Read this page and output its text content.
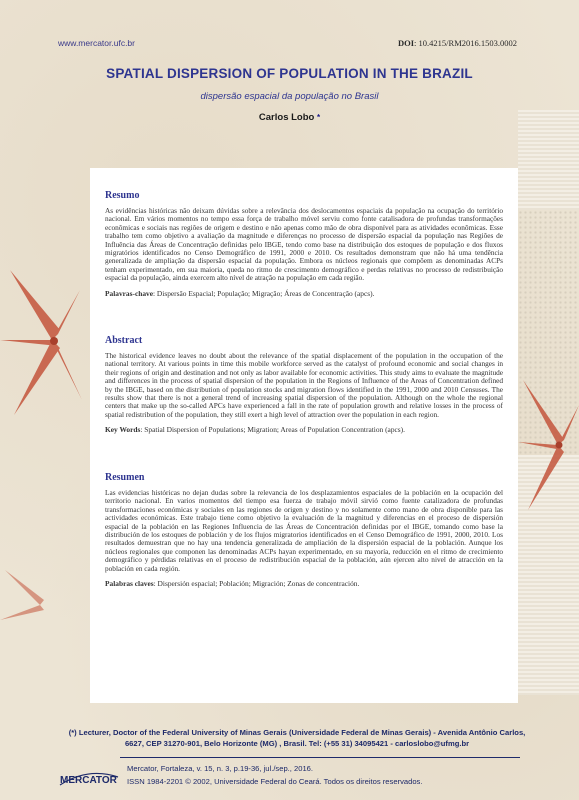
www.mercator.ufc.br	DOI: 10.4215/RM2016.1503.0002
SPATIAL DISPERSION OF POPULATION IN THE BRAZIL
dispersão espacial da população no Brasil
Carlos Lobo *
Resumo

As evidências históricas não deixam dúvidas sobre a relevância dos deslocamentos espaciais da população na ocupação do território nacional. Em vários momentos no tempo essa força de trabalho móvel serviu como fonte catalisadora de profundas transformações econômicas e sociais nas regiões de origem e destino e não apenas como mão de obra disponível para as atividades econômicas. Esse trabalho tem como objetivo a avaliação da magnitude e diferenças no processo de dispersão espacial da população nas Regiões de Influência das Áreas de Concentração definidas pelo IBGE, tendo como base na distribuição dos estoques de população e dos fluxos migratórios identificados no Censo Demográfico de 1991, 2000 e 2010. Os resultados demonstram que não há uma tendência generalizada de ampliação da dispersão espacial da população. Embora os núcleos regionais que compõem as denominadas ACPs tenham experimentado, em sua maioria, queda no ritmo de crescimento demográfico e perdas relativas no processo de redistribuição espacial da população, ainda exercem alto nível de atração na população em cada região.

Palavras-chave: Dispersão Espacial; População; Migração; Áreas de Concentração (apcs).

Abstract

The historical evidence leaves no doubt about the relevance of the spatial displacement of the population in the occupation of the national territory. At various points in time this mobile workforce served as the catalyst of profound economic and social changes in their regions of origin and destination and not only as labor available for economic activities. This study aims to evaluate the magnitude and differences in the process of spatial dispersion of the population in the Regions of Influence of the Areas of Concentration defined by the IBGE, based on the distribution of population stocks and migration flows identified in the 1991, 2000 and 2010 Censuses. The results show that there is not a general trend of increasing spatial dispersion of the population. Although on the whole the regional centers that make up the so-called APCs have experienced a fall in the rate of population growth and relative losses in the process of spatial redistribution of the population, they still exert a high level of attraction over the population in each region.

Key Words: Spatial Dispersion of Populations; Migration; Areas of Population Concentration (apcs).

Resumen

Las evidencias históricas no dejan dudas sobre la relevancia de los desplazamientos espaciales de la población en la ocupación del territorio nacional. En varios momentos del tiempo esa fuerza de trabajo móvil sirvió como fuente catalizadora de profundas transformaciones económicas y sociales en las regiones de origen y destino y no solamente como mano de obra disponible para las actividades económicas. Este trabajo tiene como objetivo la evaluación de la magnitud y diferencias en el proceso de dispersión espacial de la población en las Regiones Influencia de las Áreas de Concentración definidas por el IBGE, tomando como base la distribución de los estoques de población y de los flujos migratorios identificados en el Censo Demográfico de 1991, 2000, 2010. Los resultados demuestran que no hay una tendencia generalizada de ampliación de la dispersión espacial de la población. Aunque los núcleos regionales que componen las denominadas ACPs hayan experimentado, en su mayoría, reducción en el ritmo de crecimiento demográfico y pérdidas relativas en el proceso de redistribución espacial de la población, aún ejercen alto nivel de atracción en la población en cada región.

Palabras claves: Dispersión espacial; Población; Migración; Zonas de concentración.

(*) Lecturer, Doctor of the Federal University of Minas Gerais (Universidade Federal de Minas Gerais) - Avenida Antônio Carlos, 6627, CEP 31270-901, Belo Horizonte (MG) , Brasil. Tel: (+55 31) 34095421 - carloslobo@ufmg.br
MERCATOR
Mercator, Fortaleza, v. 15, n. 3, p.19-36, jul./sep., 2016.
ISSN 1984-2201 © 2002, Universidade Federal do Ceará. Todos os direitos reservados.
